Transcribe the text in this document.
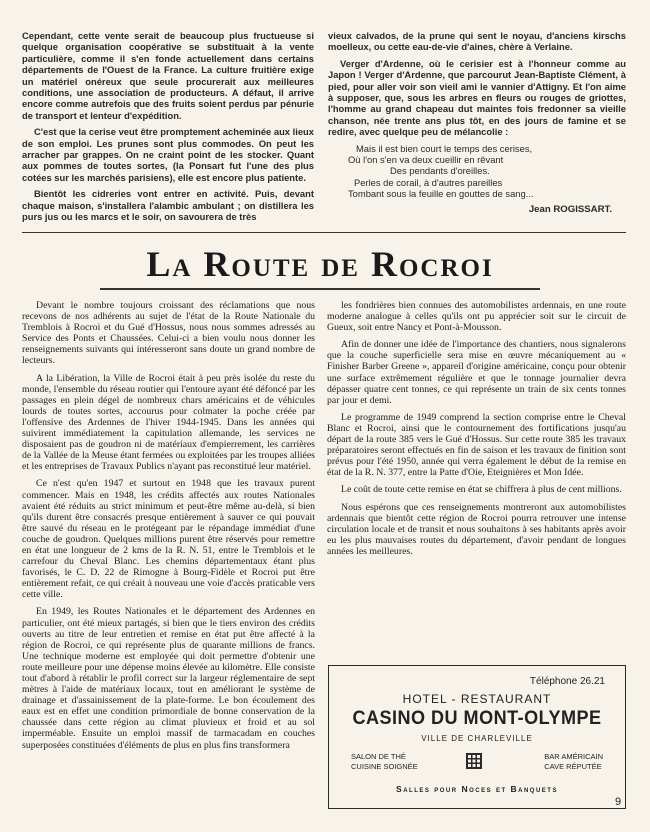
Cependant, cette vente serait de beaucoup plus fructueuse si quelque organisation coopérative se substituait à la vente particulière, comme il s'en fonde actuellement dans certains départements de l'Ouest de la France. La culture fruitière exige un matériel onéreux que seule procurerait aux meilleures conditions, une association de producteurs. A défaut, il arrive encore comme autrefois que des fruits soient perdus par pénurie de transport et lenteur d'expédition.

C'est que la cerise veut être promptement acheminée aux lieux de son emploi. Les prunes sont plus commodes. On peut les arracher par grappes. On ne craint point de les stocker. Quant aux pommes de toutes sortes, (la Ponsart fut l'une des plus cotées sur les marchés parisiens), elle est encore plus patiente.

Bientôt les cidreries vont entrer en activité. Puis, devant chaque maison, s'installera l'alambic ambulant ; on distillera les purs jus ou les marcs et le soir, on savourera de très

vieux calvados, de la prune qui sent le noyau, d'anciens kirschs moelleux, ou cette eau-de-vie d'aines, chère à Verlaine.

Verger d'Ardenne, où le cerisier est à l'honneur comme au Japon ! Verger d'Ardenne, que parcourut Jean-Baptiste Clément, à pied, pour aller voir son vieil ami le vannier d'Attigny. Et l'on aime à supposer, que, sous les arbres en fleurs ou rouges de griottes, l'homme au grand chapeau dut maintes fois fredonner sa vieille chanson, née trente ans plus tôt, en des jours de famine et se redire, avec quelque peu de mélancolie :

Mais il est bien court le temps des cerises,
Où l'on s'en va deux cueillir en rêvant
Des pendants d'oreilles.
Perles de corail, à d'autres pareilles
Tombant sous la feuille en gouttes de sang...
Jean ROGISSART.
La Route de Rocroi

Devant le nombre toujours croissant des réclamations que nous recevons de nos adhérents au sujet de l'état de la Route Nationale du Tremblois à Rocroi et du Gué d'Hossus, nous nous sommes adressés au Service des Ponts et Chaussées. Celui-ci a bien voulu nous donner les renseignements suivants qui intéresseront sans doute un grand nombre de lecteurs.

A la Libération, la Ville de Rocroi était à peu près isolée du reste du monde, l'ensemble du réseau routier qui l'entoure ayant été défoncé par les passages en plein dégel de nombreux chars américains et de véhicules lourds de toutes sortes, accourus pour colmater la poche créée par l'offensive des Ardennes de l'hiver 1944-1945. Dans les années qui suivirent immédiatement la capitulation allemande, les services ne disposaient pas de goudron ni de matériaux d'empierrement, les carrières de la Vallée de la Meuse étant fermées ou exploitées par les troupes alliées et les entreprises de Travaux Publics n'ayant pas reconstitué leur matériel.

Ce n'est qu'en 1947 et surtout en 1948 que les travaux purent commencer. Mais en 1948, les crédits affectés aux routes Nationales avaient été réduits au strict minimum et peut-être même au-delà, si bien qu'ils durent être consacrés presque entièrement à sauver ce qui pouvait être sauvé du réseau en le protégeant par le répandage immédiat d'une couche de goudron. Quelques millions purent être réservés pour remettre en état une longueur de 2 kms de la R. N. 51, entre le Tremblois et le carrefour du Cheval Blanc. Les chemins départementaux étant plus favorisés, le C. D. 22 de Rimogne à Bourg-Fidèle et Rocroi put être entièrement refait, ce qui créait à nouveau une voie d'accès praticable vers cette ville.

En 1949, les Routes Nationales et le département des Ardennes en particulier, ont été mieux partagés, si bien que le tiers environ des crédits ouverts au titre de leur entretien et remise en état put être affecté à la région de Rocroi, ce qui représente plus de quarante millions de francs. Une technique moderne est employée qui doit permettre d'obtenir une route meilleure pour une dépense moins élevée au kilomètre. Elle consiste tout d'abord à rétablir le profil correct sur la largeur réglementaire de sept mètres à l'aide de matériaux locaux, tout en améliorant le système de drainage et d'assainissement de la plate-forme. Le bon écoulement des eaux est en effet une condition primordiale de bonne conservation de la chaussée dans cette région au climat pluvieux et froid et au sol imperméable. Ensuite un emploi massif de tarmacadam en couches superposées constituées d'éléments de plus en plus fins transformera

les fondrières bien connues des automobilistes ardennais, en une route moderne analogue à celles qu'ils ont pu apprécier soit sur le circuit de Gueux, soit entre Nancy et Pont-à-Mousson.

Afin de donner une idée de l'importance des chantiers, nous signalerons que la couche superficielle sera mise en œuvre mécaniquement au « Finisher Barber Greene », appareil d'origine américaine, conçu pour obtenir une surface extrêmement régulière et que le tonnage journalier devra dépasser quatre cent tonnes, ce qui représente un train de six cents tonnes par jour et demi.

Le programme de 1949 comprend la section comprise entre le Cheval Blanc et Rocroi, ainsi que le contournement des fortifications jusqu'au départ de la route 385 vers le Gué d'Hossus. Sur cette route 385 les travaux préparatoires seront effectués en fin de saison et les travaux de finition sont prévus pour l'été 1950, année qui verra également le début de la remise en état de la R. N. 377, entre la Patte d'Oie, Eteignières et Mon Idée.

Le coût de toute cette remise en état se chiffrera à plus de cent millions.

Nous espérons que ces renseignements montreront aux automobilistes ardennais que bientôt cette région de Rocroi pourra retrouver une intense circulation locale et de transit et nous souhaitons à ses habitants après avoir eu les plus mauvaises routes du département, d'avoir pendant de longues années les meilleures.

Téléphone 26.21
HOTEL - RESTAURANT
CASINO DU MONT-OLYMPE
VILLE DE CHARLEVILLE
SALON DE THÉ
CUISINE SOIGNÉE
BAR AMÉRICAIN
CAVE RÉPUTÉE
Salles pour Noces et Banquets
9
